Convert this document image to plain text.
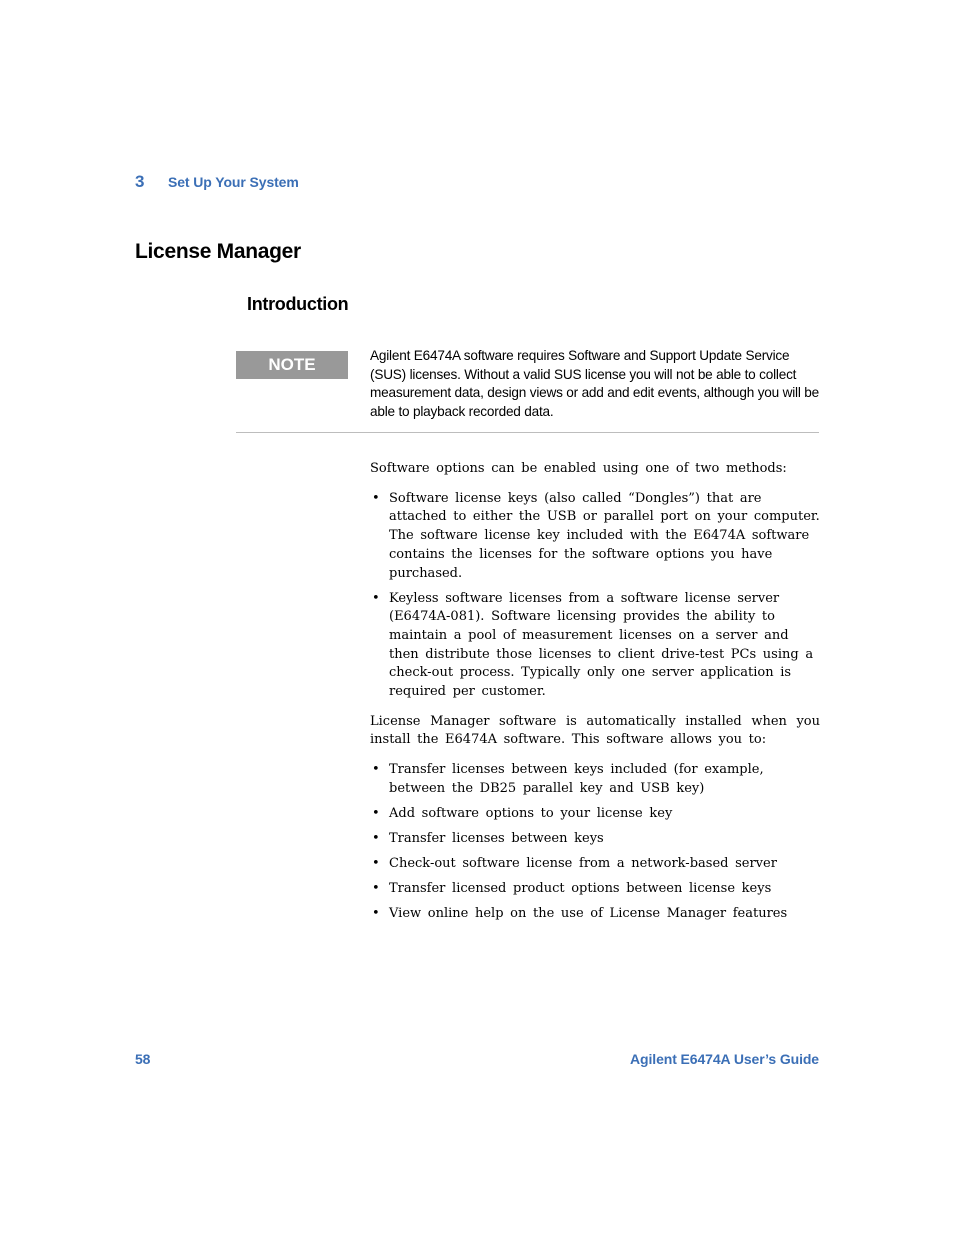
3 Set Up Your System
License Manager
Introduction
NOTE	Agilent E6474A software requires Software and Support Update Service (SUS) licenses. Without a valid SUS license you will not be able to collect measurement data, design views or add and edit events, although you will be able to playback recorded data.

Software options can be enabled using one of two methods:

• Software license keys (also called “Dongles”) that are attached to either the USB or parallel port on your computer. The software license key included with the E6474A software contains the licenses for the software options you have purchased.
• Keyless software licenses from a software license server (E6474A-081). Software licensing provides the ability to maintain a pool of measurement licenses on a server and then distribute those licenses to client drive-test PCs using a check-out process. Typically only one server application is required per customer.

License Manager software is automatically installed when you install the E6474A software. This software allows you to:

• Transfer licenses between keys included (for example, between the DB25 parallel key and USB key)
• Add software options to your license key
• Transfer licenses between keys
• Check-out software license from a network-based server
• Transfer licensed product options between license keys
• View online help on the use of License Manager features
58	Agilent E6474A User’s Guide
